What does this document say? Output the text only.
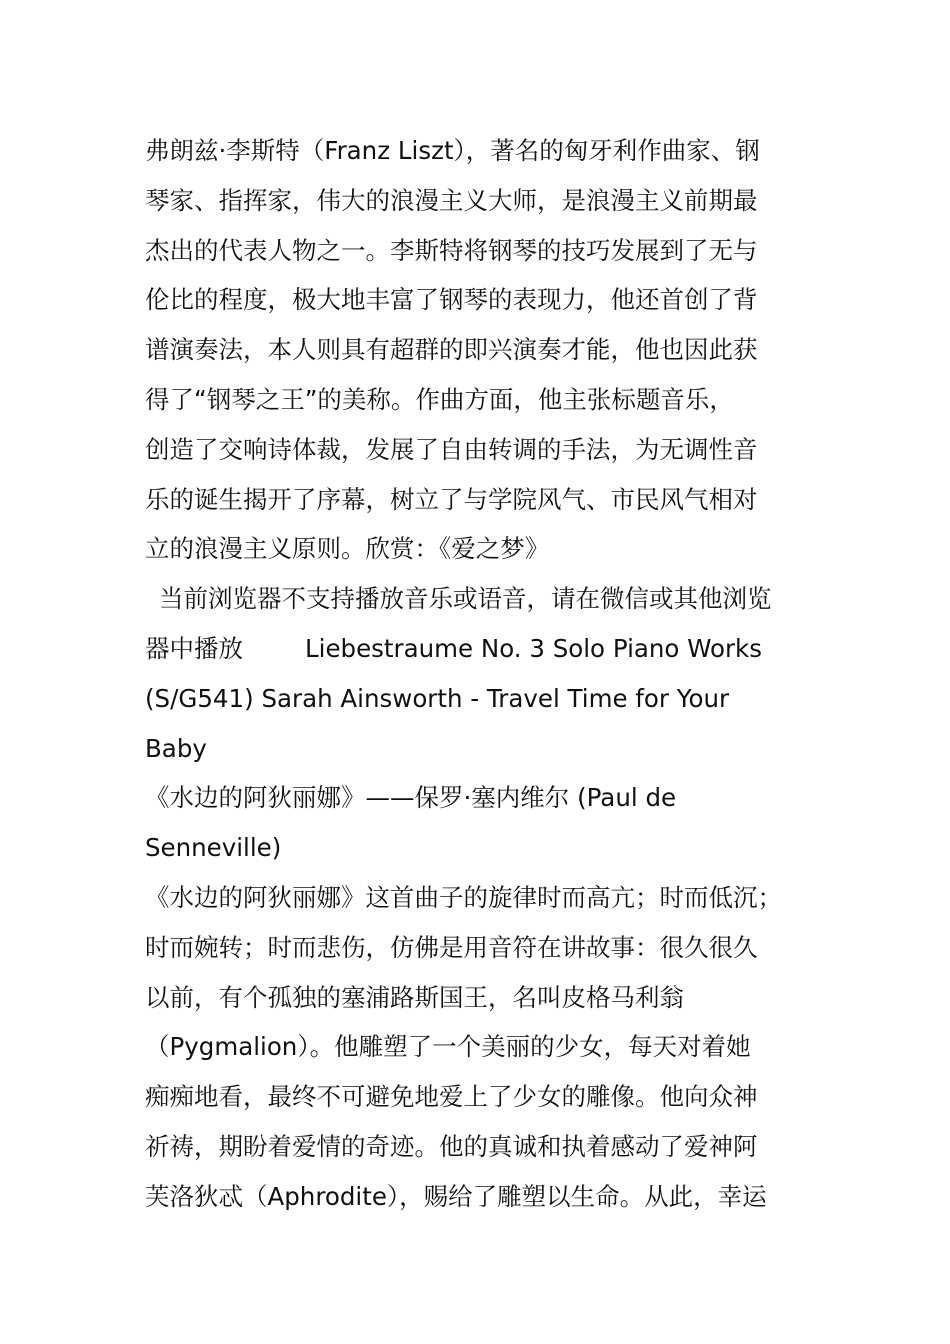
弗朗兹·李斯特（Franz Liszt），著名的匈牙利作曲家、钢
琴家、指挥家，伟大的浪漫主义大师，是浪漫主义前期最
杰出的代表人物之一。李斯特将钢琴的技巧发展到了无与
伦比的程度，极大地丰富了钢琴的表现力，他还首创了背
谱演奏法，本人则具有超群的即兴演奏才能，他也因此获
得了“钢琴之王”的美称。作曲方面，他主张标题音乐，
创造了交响诗体裁，发展了自由转调的手法，为无调性音
乐的诞生揭开了序幕，树立了与学院风气、市民风气相对
立的浪漫主义原则。欣赏：《爱之梦》
当前浏览器不支持播放音乐或语音，请在微信或其他浏览
器中播放	Liebestraume No. 3 Solo Piano Works
(S/G541) Sarah Ainsworth - Travel Time for Your
Baby
《水边的阿狄丽娜》——保罗·塞内维尔 (Paul de
Senneville)
《水边的阿狄丽娜》这首曲子的旋律时而高亢；时而低沉；
时而婉转；时而悲伤，仿佛是用音符在讲故事：很久很久
以前，有个孤独的塞浦路斯国王，名叫皮格马利翁
（Pygmalion）。他雕塑了一个美丽的少女，每天对着她
痴痴地看，最终不可避免地爱上了少女的雕像。他向众神
祈祷，期盼着爱情的奇迹。他的真诚和执着感动了爱神阿
芙洛狄忒（Aphrodite），赐给了雕塑以生命。从此，幸运
